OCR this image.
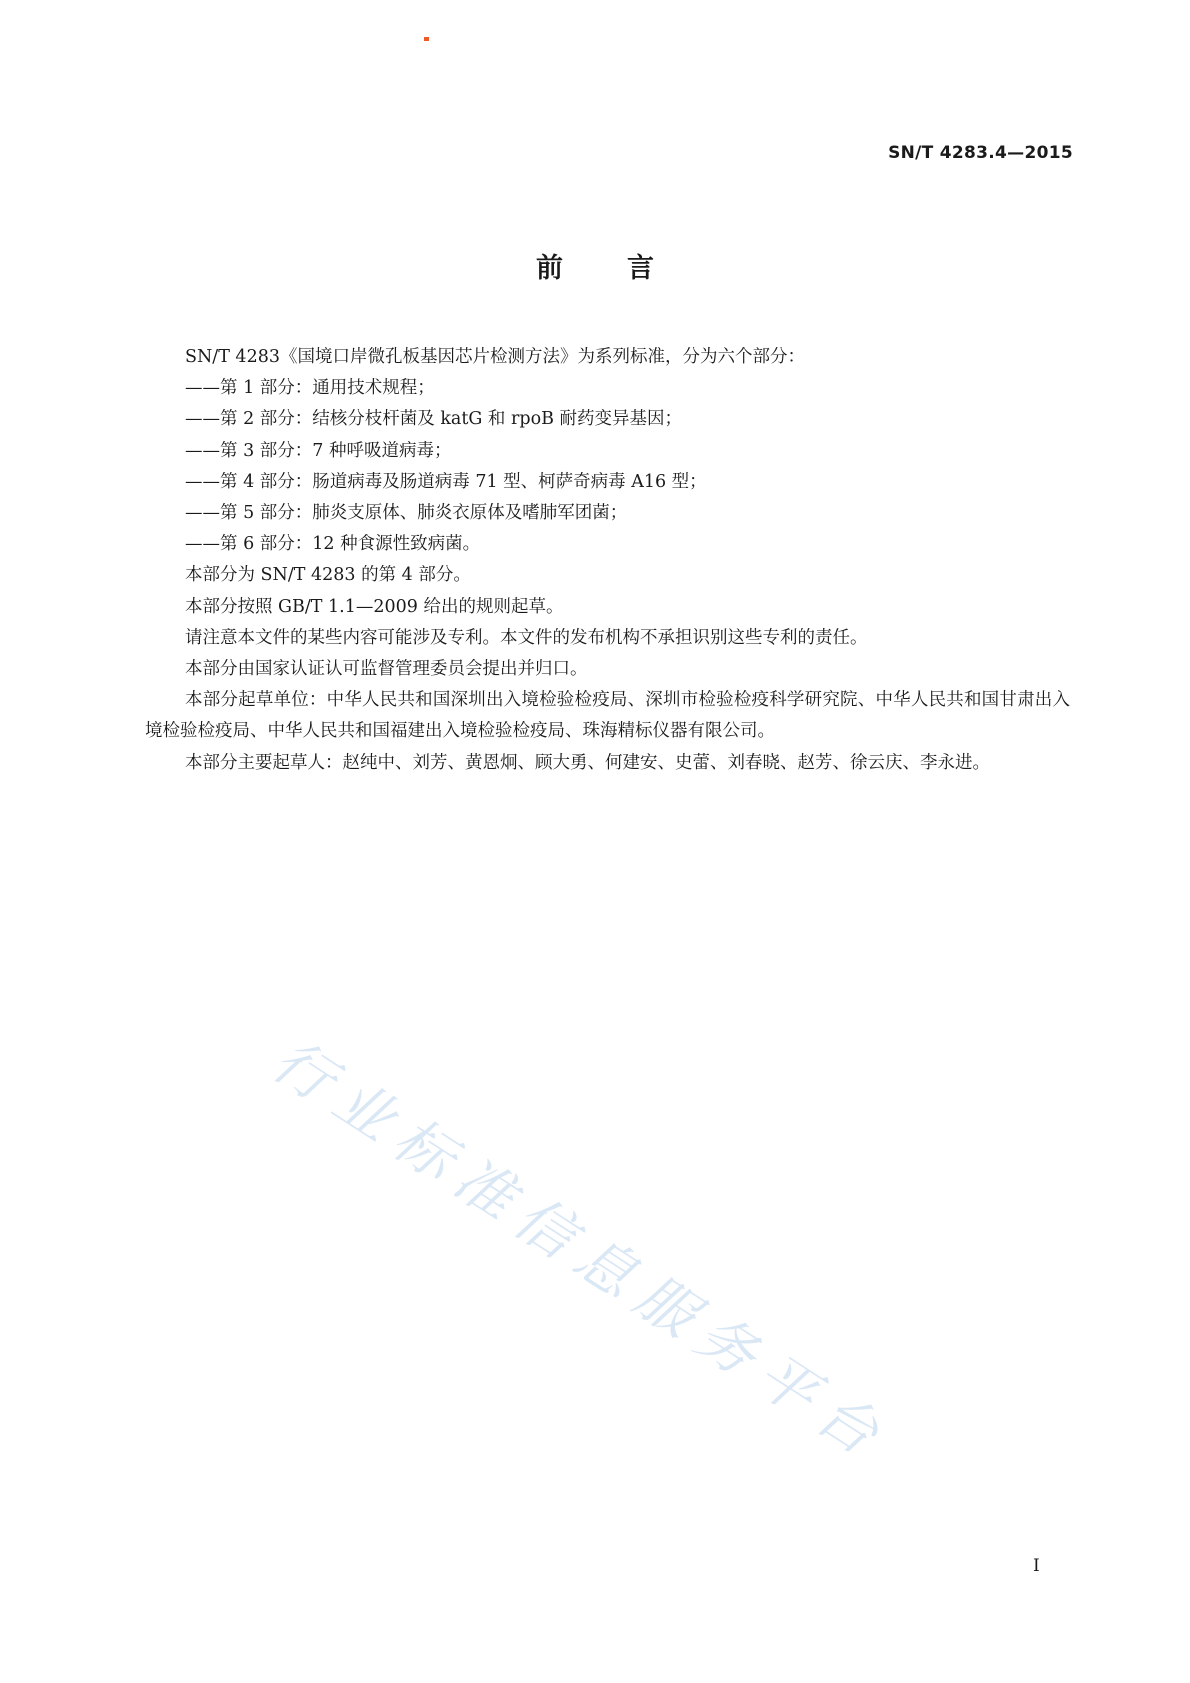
SN/T 4283.4—2015
前言

SN/T 4283《国境口岸微孔板基因芯片检测方法》为系列标准，分为六个部分：

——第 1 部分：通用技术规程；

——第 2 部分：结核分枝杆菌及 katG 和 rpoB 耐药变异基因；

——第 3 部分：7 种呼吸道病毒；

——第 4 部分：肠道病毒及肠道病毒 71 型、柯萨奇病毒 A16 型；

——第 5 部分：肺炎支原体、肺炎衣原体及嗜肺军团菌；

——第 6 部分：12 种食源性致病菌。

本部分为 SN/T 4283 的第 4 部分。

本部分按照 GB/T 1.1—2009 给出的规则起草。

请注意本文件的某些内容可能涉及专利。本文件的发布机构不承担识别这些专利的责任。

本部分由国家认证认可监督管理委员会提出并归口。

本部分起草单位：中华人民共和国深圳出入境检验检疫局、深圳市检验检疫科学研究院、中华人民共和国甘肃出入境检验检疫局、中华人民共和国福建出入境检验检疫局、珠海精标仪器有限公司。

本部分主要起草人：赵纯中、刘芳、黄恩炯、顾大勇、何建安、史蕾、刘春晓、赵芳、徐云庆、李永进。

行业标准信息服务平台
I
